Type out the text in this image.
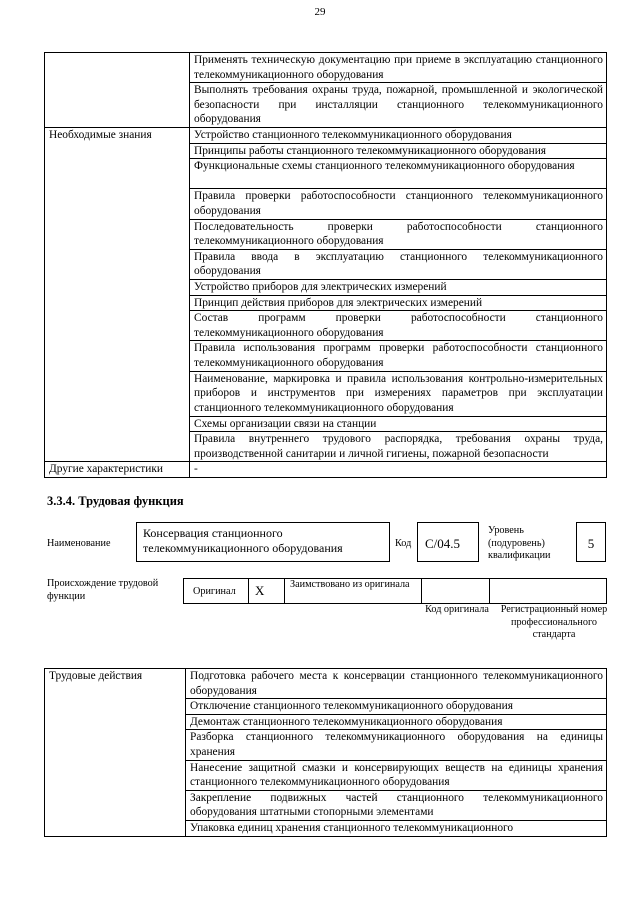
29
	Применять техническую документацию при приеме в эксплуатацию станционного телекоммуникационного оборудования
	Выполнять требования охраны труда, пожарной, промышленной и экологической безопасности при инсталляции станционного телекоммуникационного оборудования
Необходимые знания	Устройство станционного телекоммуникационного оборудования
	Принципы работы станционного телекоммуникационного оборудования
	Функциональные схемы станционного телекоммуникационного оборудования
	Правила проверки работоспособности станционного телекоммуникационного оборудования
	Последовательность проверки работоспособности станционного телекоммуникационного оборудования
	Правила ввода в эксплуатацию станционного телекоммуникационного оборудования
	Устройство приборов для электрических измерений
	Принцип действия приборов для электрических измерений
	Состав программ проверки работоспособности станционного телекоммуникационного оборудования
	Правила использования программ проверки работоспособности станционного телекоммуникационного оборудования
	Наименование, маркировка и правила использования контрольно-измерительных приборов и инструментов при измерениях параметров при эксплуатации станционного телекоммуникационного оборудования
	Схемы организации связи на станции
	Правила внутреннего трудового распорядка, требования охраны труда, производственной санитарии и личной гигиены, пожарной безопасности
Другие характеристики	-
3.3.4. Трудовая функция
Наименование
Консервация станционного телекоммуникационного оборудования	Код	С/04.5
Уровень (подуровень) квалификации
5
Происхождение трудовой функции	Оригинал X	Заимствовано из оригинала
Код оригинала	Регистрационный номер профессионального стандарта
Трудовые действия	Подготовка рабочего места к консервации станционного телекоммуникационного оборудования
Отключение станционного телекоммуникационного оборудования
Демонтаж станционного телекоммуникационного оборудования
Разборка станционного телекоммуникационного оборудования на единицы хранения
Нанесение защитной смазки и консервирующих веществ на единицы хранения станционного телекоммуникационного оборудования
Закрепление подвижных частей станционного телекоммуникационного оборудования штатными стопорными элементами
Упаковка единиц хранения станционного телекоммуникационного
